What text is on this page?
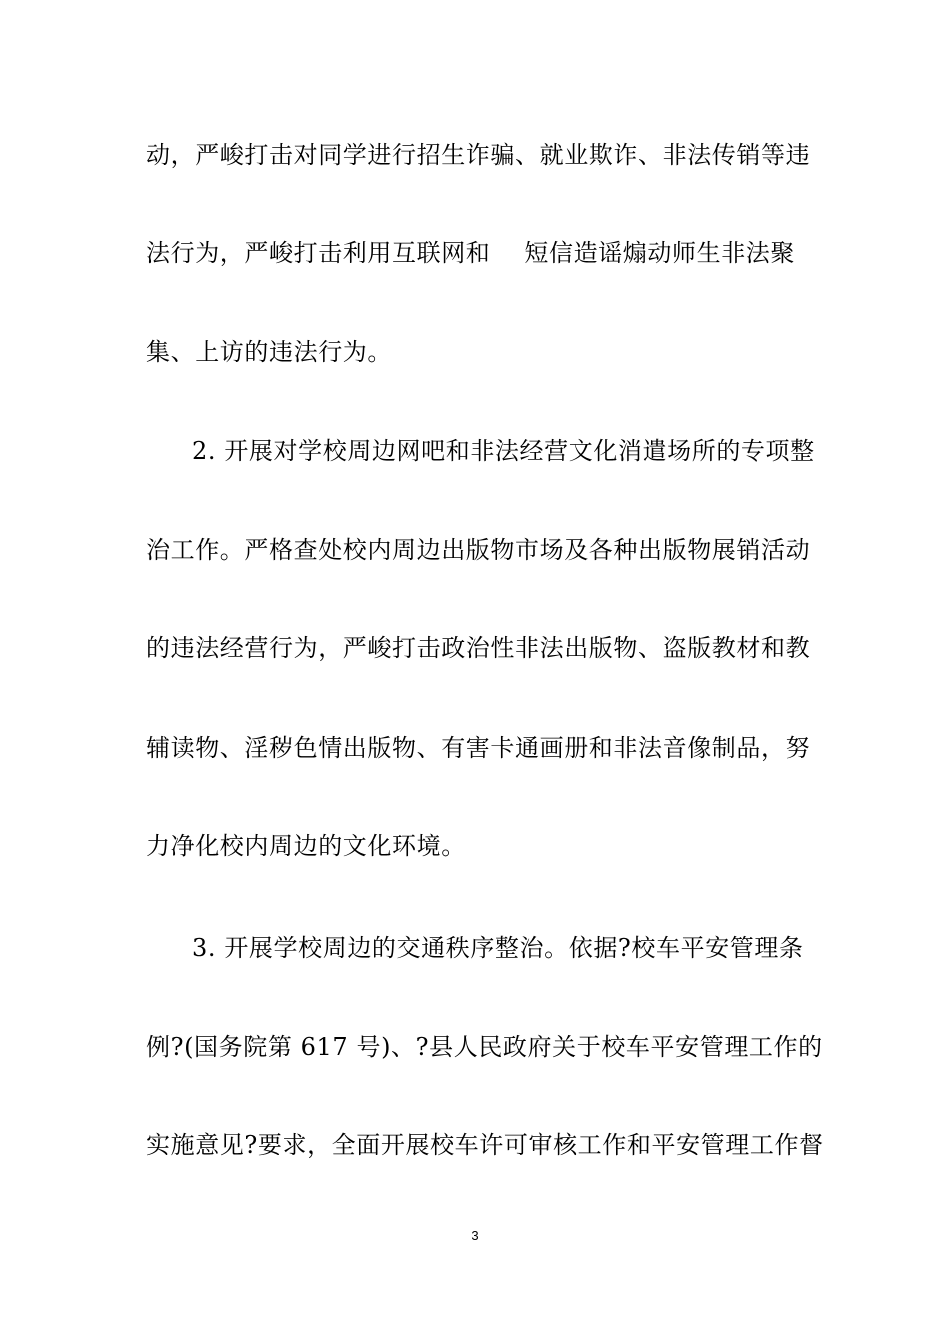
动，严峻打击对同学进行招生诈骗、就业欺诈、非法传销等违
法行为，严峻打击利用互联网和 短信造谣煽动师生非法聚
集、上访的违法行为。
2. 开展对学校周边网吧和非法经营文化消遣场所的专项整
治工作。严格查处校内周边出版物市场及各种出版物展销活动
的违法经营行为，严峻打击政治性非法出版物、盗版教材和教
辅读物、淫秽色情出版物、有害卡通画册和非法音像制品，努
力净化校内周边的文化环境。
3. 开展学校周边的交通秩序整治。依据?校车平安管理条
例?(国务院第 617 号)、?县人民政府关于校车平安管理工作的
实施意见?要求，全面开展校车许可审核工作和平安管理工作督
3
